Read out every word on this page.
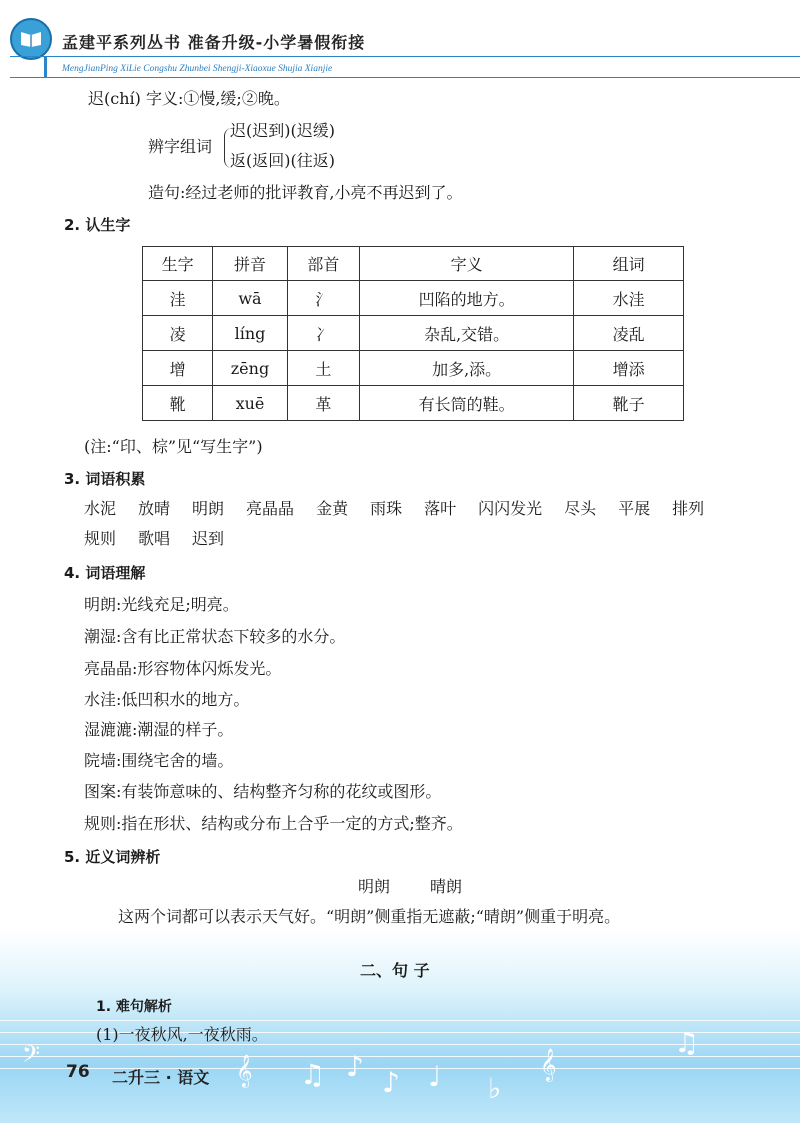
孟建平系列丛书 准备升级-小学暑假衔接
MengJianPing XiLie Congshu Zhunbei Shengji-Xiaoxue Shujia Xianjie
迟(chí) 字义:①慢,缓;②晚。
辨字组词
迟(迟到)(迟缓)
返(返回)(往返)
造句:经过老师的批评教育,小亮不再迟到了。
2. 认生字
生字	拼音	部首	字义	组词
洼	wā	氵	凹陷的地方。	水洼
凌	líng	冫	杂乱,交错。	凌乱
增	zēng	土	加多,添。	增添
靴	xuē	革	有长筒的鞋。	靴子
(注:“印、棕”见“写生字”)
3. 词语积累
水泥 放晴 明朗 亮晶晶 金黄 雨珠 落叶 闪闪发光 尽头 平展 排列
规则 歌唱 迟到
4. 词语理解
明朗:光线充足;明亮。
潮湿:含有比正常状态下较多的水分。
亮晶晶:形容物体闪烁发光。
水洼:低凹积水的地方。
湿漉漉:潮湿的样子。
院墙:围绕宅舍的墙。
图案:有装饰意味的、结构整齐匀称的花纹或图形。
规则:指在形状、结构或分布上合乎一定的方式;整齐。
5. 近义词辨析
明朗 晴朗
这两个词都可以表示天气好。“明朗”侧重指无遮蔽;“晴朗”侧重于明亮。
𝄢	𝄞 ♫ ♪ ♪ ♩ ♭
𝄞
♫
二、句 子
1. 难句解析
(1)一夜秋风,一夜秋雨。
76 二升三 · 语文
